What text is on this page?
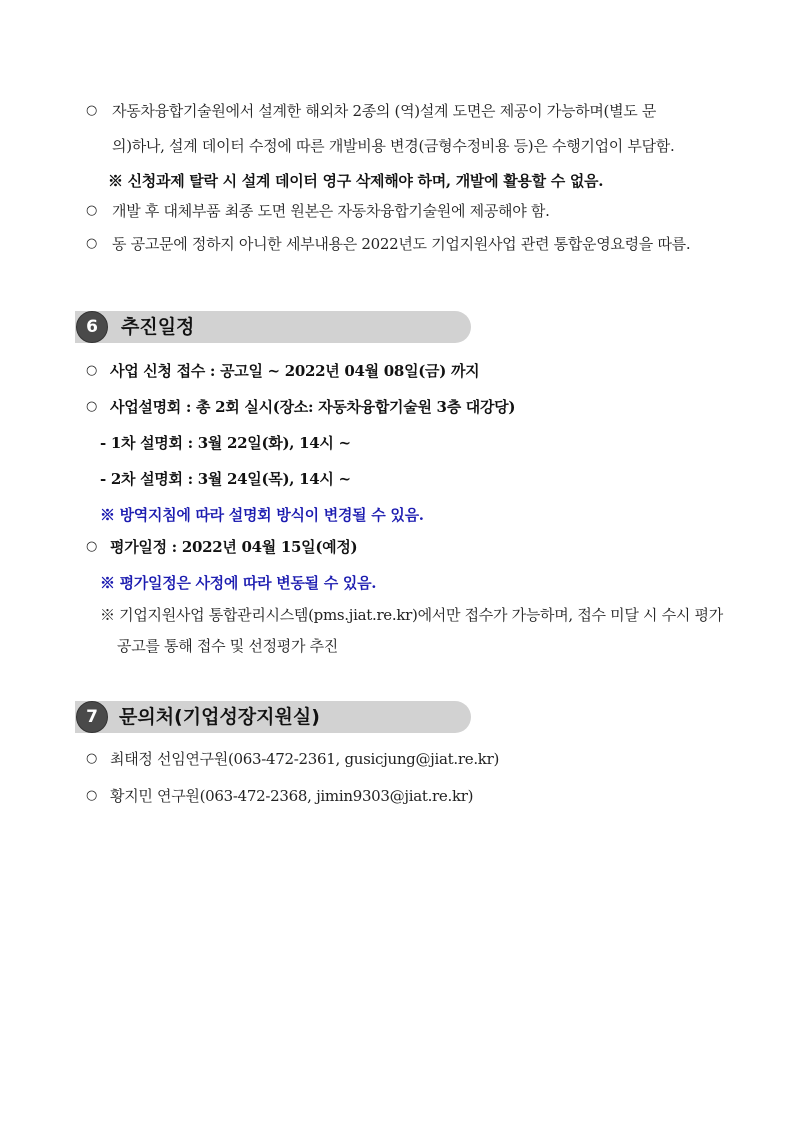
○ 자동차융합기술원에서 설계한 해외차 2종의 (역)설계 도면은 제공이 가능하며(별도 문
의)하나, 설계 데이터 수정에 따른 개발비용 변경(금형수정비용 등)은 수행기업이 부담함.
※ 신청과제 탈락 시 설계 데이터 영구 삭제해야 하며, 개발에 활용할 수 없음.
○ 개발 후 대체부품 최종 도면 원본은 자동차융합기술원에 제공해야 함.
○ 동 공고문에 정하지 아니한 세부내용은 2022년도 기업지원사업 관련 통합운영요령을 따름.
6	추진일정
○ 사업 신청 접수 : 공고일 ~ 2022년 04월 08일(금) 까지
○ 사업설명회 : 총 2회 실시(장소: 자동차융합기술원 3층 대강당)
- 1차 설명회 : 3월 22일(화), 14시 ~
- 2차 설명회 : 3월 24일(목), 14시 ~
※ 방역지침에 따라 설명회 방식이 변경될 수 있음.
○ 평가일정 : 2022년 04월 15일(예정)
※ 평가일정은 사정에 따라 변동될 수 있음.
※ 기업지원사업 통합관리시스템(pms.jiat.re.kr)에서만 접수가 가능하며, 접수 미달 시 수시 평가
공고를 통해 접수 및 선정평가 추진
7	문의처(기업성장지원실)
○ 최태정 선임연구원(063-472-2361, gusicjung@jiat.re.kr)
○ 황지민 연구원(063-472-2368, jimin9303@jiat.re.kr)
